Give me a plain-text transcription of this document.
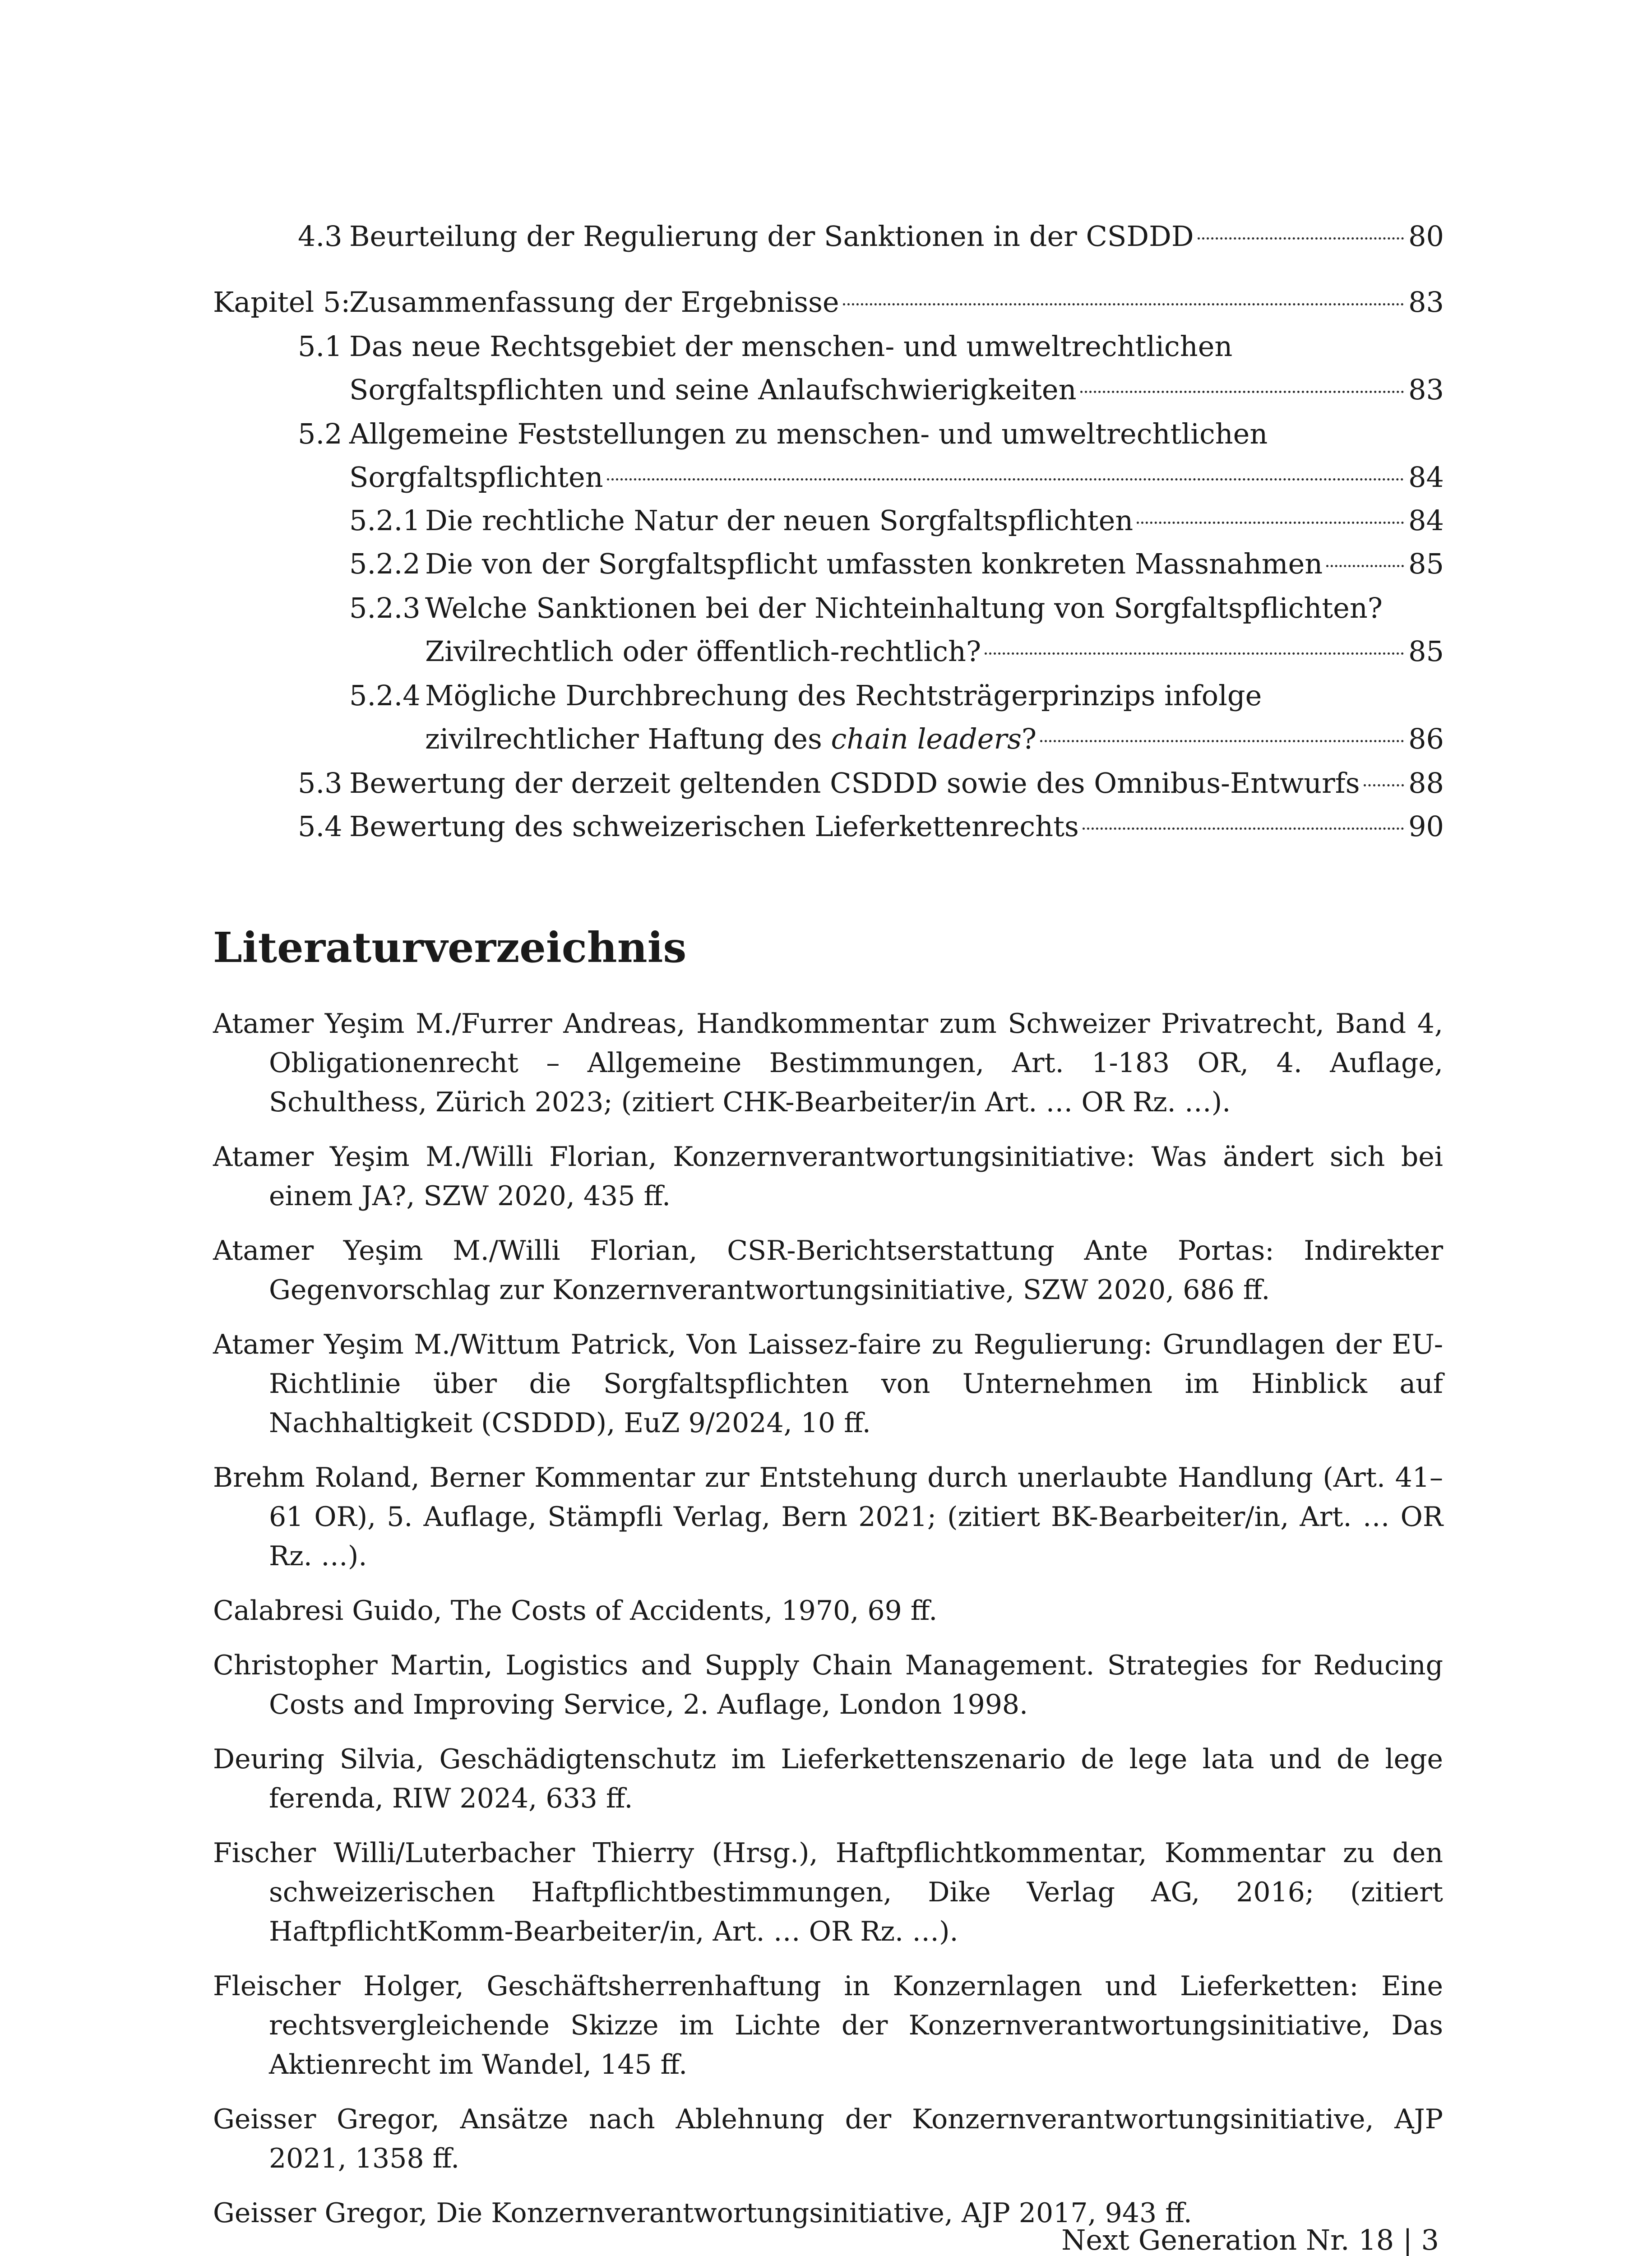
4.3 Beurteilung der Regulierung der Sanktionen in der CSDDD	80
Kapitel 5:
Zusammenfassung der Ergebnisse	83
5.1 Das neue Rechtsgebiet der menschen- und umweltrechtlichen
Sorgfaltspflichten und seine Anlaufschwierigkeiten	83
5.2 Allgemeine Feststellungen zu menschen- und umweltrechtlichen
Sorgfaltspflichten	84
5.2.1 Die rechtliche Natur der neuen Sorgfaltspflichten	84
5.2.2 Die von der Sorgfaltspflicht umfassten konkreten Massnahmen	85
5.2.3 Welche Sanktionen bei der Nichteinhaltung von Sorgfaltspflichten?
Zivilrechtlich oder öffentlich-rechtlich?	85
5.2.4 Mögliche Durchbrechung des Rechtsträgerprinzips infolge
zivilrechtlicher Haftung des chain leaders?	86
5.3 Bewertung der derzeit geltenden CSDDD sowie des Omnibus-Entwurfs 88
5.4 Bewertung des schweizerischen Lieferkettenrechts	90
Literaturverzeichnis

Atamer Yeşim M./Furrer Andreas, Handkommentar zum Schweizer Privatrecht, Band 4, Obligationenrecht – Allgemeine Bestimmungen, Art. 1-183 OR, 4. Auflage, Schulthess, Zürich 2023; (zitiert CHK-Bearbeiter/in Art. … OR Rz. …).

Atamer Yeşim M./Willi Florian, Konzernverantwortungsinitiative: Was ändert sich bei einem JA?, SZW 2020, 435 ff.

Atamer Yeşim M./Willi Florian, CSR-Berichtserstattung Ante Portas: Indirekter Gegenvorschlag zur Konzernverantwortungsinitiative, SZW 2020, 686 ff.

Atamer Yeşim M./Wittum Patrick, Von Laissez-faire zu Regulierung: Grundlagen der EU-Richtlinie über die Sorgfaltspflichten von Unternehmen im Hinblick auf Nachhaltigkeit (CSDDD), EuZ 9/2024, 10 ff.

Brehm Roland, Berner Kommentar zur Entstehung durch unerlaubte Handlung (Art. 41–61 OR), 5. Auflage, Stämpfli Verlag, Bern 2021; (zitiert BK-Bearbeiter/in, Art. … OR Rz. …).

Calabresi Guido, The Costs of Accidents, 1970, 69 ff.

Christopher Martin, Logistics and Supply Chain Management. Strategies for Reducing Costs and Improving Service, 2. Auflage, London 1998.

Deuring Silvia, Geschädigtenschutz im Lieferkettenszenario de lege lata und de lege ferenda, RIW 2024, 633 ff.

Fischer Willi/Luterbacher Thierry (Hrsg.), Haftpflichtkommentar, Kommentar zu den schweizerischen Haftpflichtbestimmungen, Dike Verlag AG, 2016; (zitiert HaftpflichtKomm-Bearbeiter/in, Art. … OR Rz. …).

Fleischer Holger, Geschäftsherrenhaftung in Konzernlagen und Lieferketten: Eine rechtsvergleichende Skizze im Lichte der Konzernverantwortungsinitiative, Das Aktienrecht im Wandel, 145 ff.

Geisser Gregor, Ansätze nach Ablehnung der Konzernverantwortungsinitiative, AJP 2021, 1358 ff.

Geisser Gregor, Die Konzernverantwortungsinitiative, AJP 2017, 943 ff.

Next Generation Nr. 18 | 3
